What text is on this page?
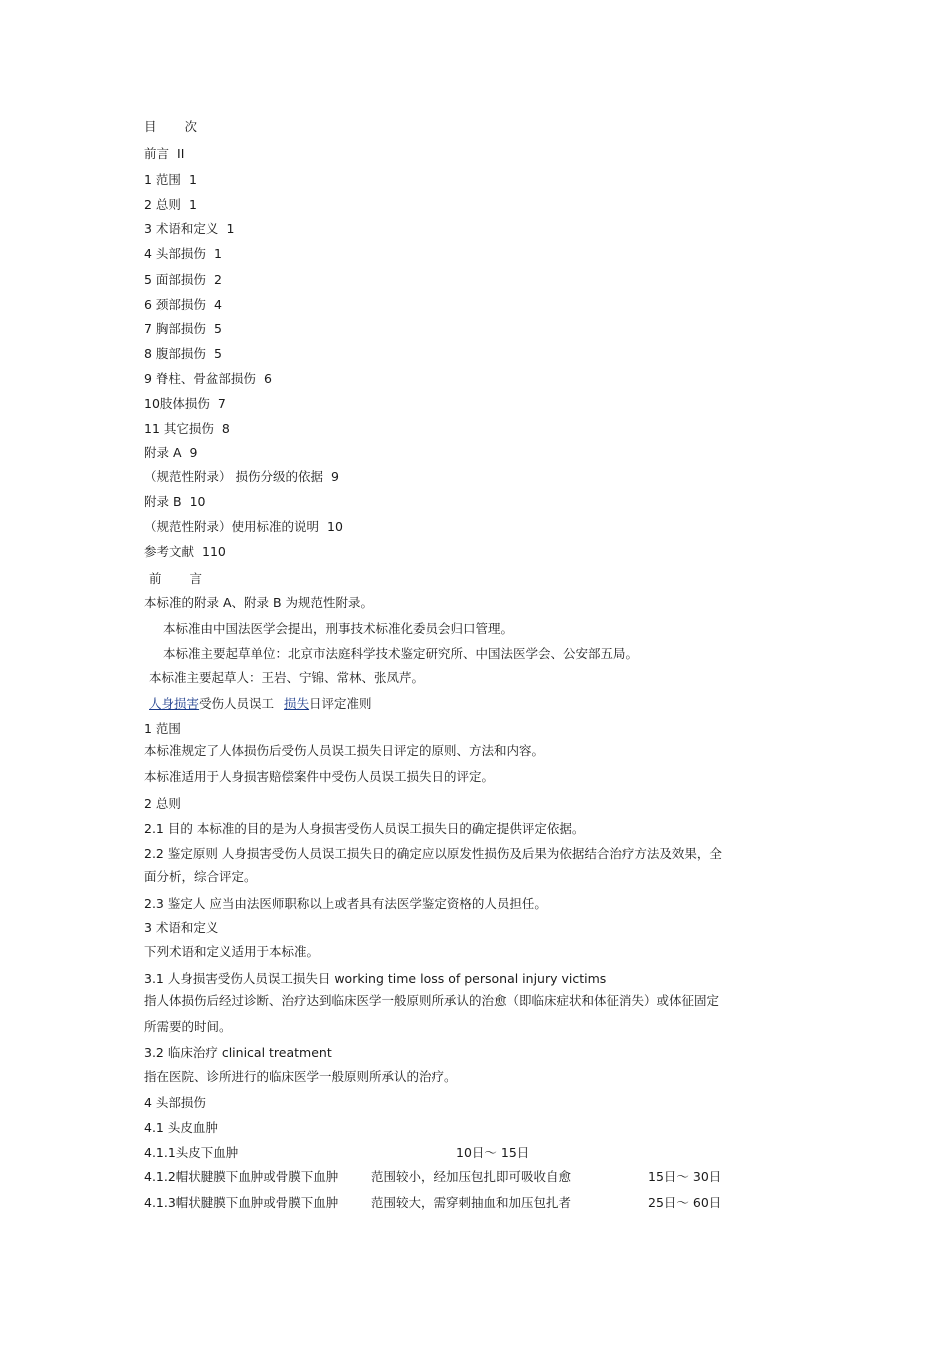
目 次
前言 II
1 范围 1
2 总则 1
3 术语和定义 1
4 头部损伤 1
5 面部损伤 2
6 颈部损伤 4
7 胸部损伤 5
8 腹部损伤 5
9 脊柱、骨盆部损伤 6
10肢体损伤 7
11 其它损伤 8
附录 A 9
（规范性附录） 损伤分级的依据 9
附录 B 10
（规范性附录）使用标准的说明 10
参考文献 110
前 言
本标准的附录 A、附录 B 为规范性附录。
本标准由中国法医学会提出，刑事技术标准化委员会归口管理。
本标准主要起草单位：北京市法庭科学技术鉴定研究所、中国法医学会、公安部五局。
本标准主要起草人：王岩、宁锦、常林、张凤芹。
人身损害受伤人员误工 损失日评定准则
1 范围
本标准规定了人体损伤后受伤人员误工损失日评定的原则、方法和内容。
本标准适用于人身损害赔偿案件中受伤人员误工损失日的评定。
2 总则
2.1 目的 本标准的目的是为人身损害受伤人员误工损失日的确定提供评定依据。
2.2 鉴定原则 人身损害受伤人员误工损失日的确定应以原发性损伤及后果为依据结合治疗方法及效果，全
面分析，综合评定。
2.3 鉴定人 应当由法医师职称以上或者具有法医学鉴定资格的人员担任。
3 术语和定义
下列术语和定义适用于本标准。
3.1 人身损害受伤人员误工损失日 working time loss of personal injury victims
指人体损伤后经过诊断、治疗达到临床医学一般原则所承认的治愈（即临床症状和体征消失）或体征固定
所需要的时间。
3.2 临床治疗 clinical treatment
指在医院、诊所进行的临床医学一般原则所承认的治疗。
4 头部损伤
4.1 头皮血肿
4.1.1头皮下血肿	10日～ 15日
4.1.2帽状腱膜下血肿或骨膜下血肿	范围较小，经加压包扎即可吸收自愈	15日～ 30日
4.1.3帽状腱膜下血肿或骨膜下血肿	范围较大，需穿刺抽血和加压包扎者	25日～ 60日
